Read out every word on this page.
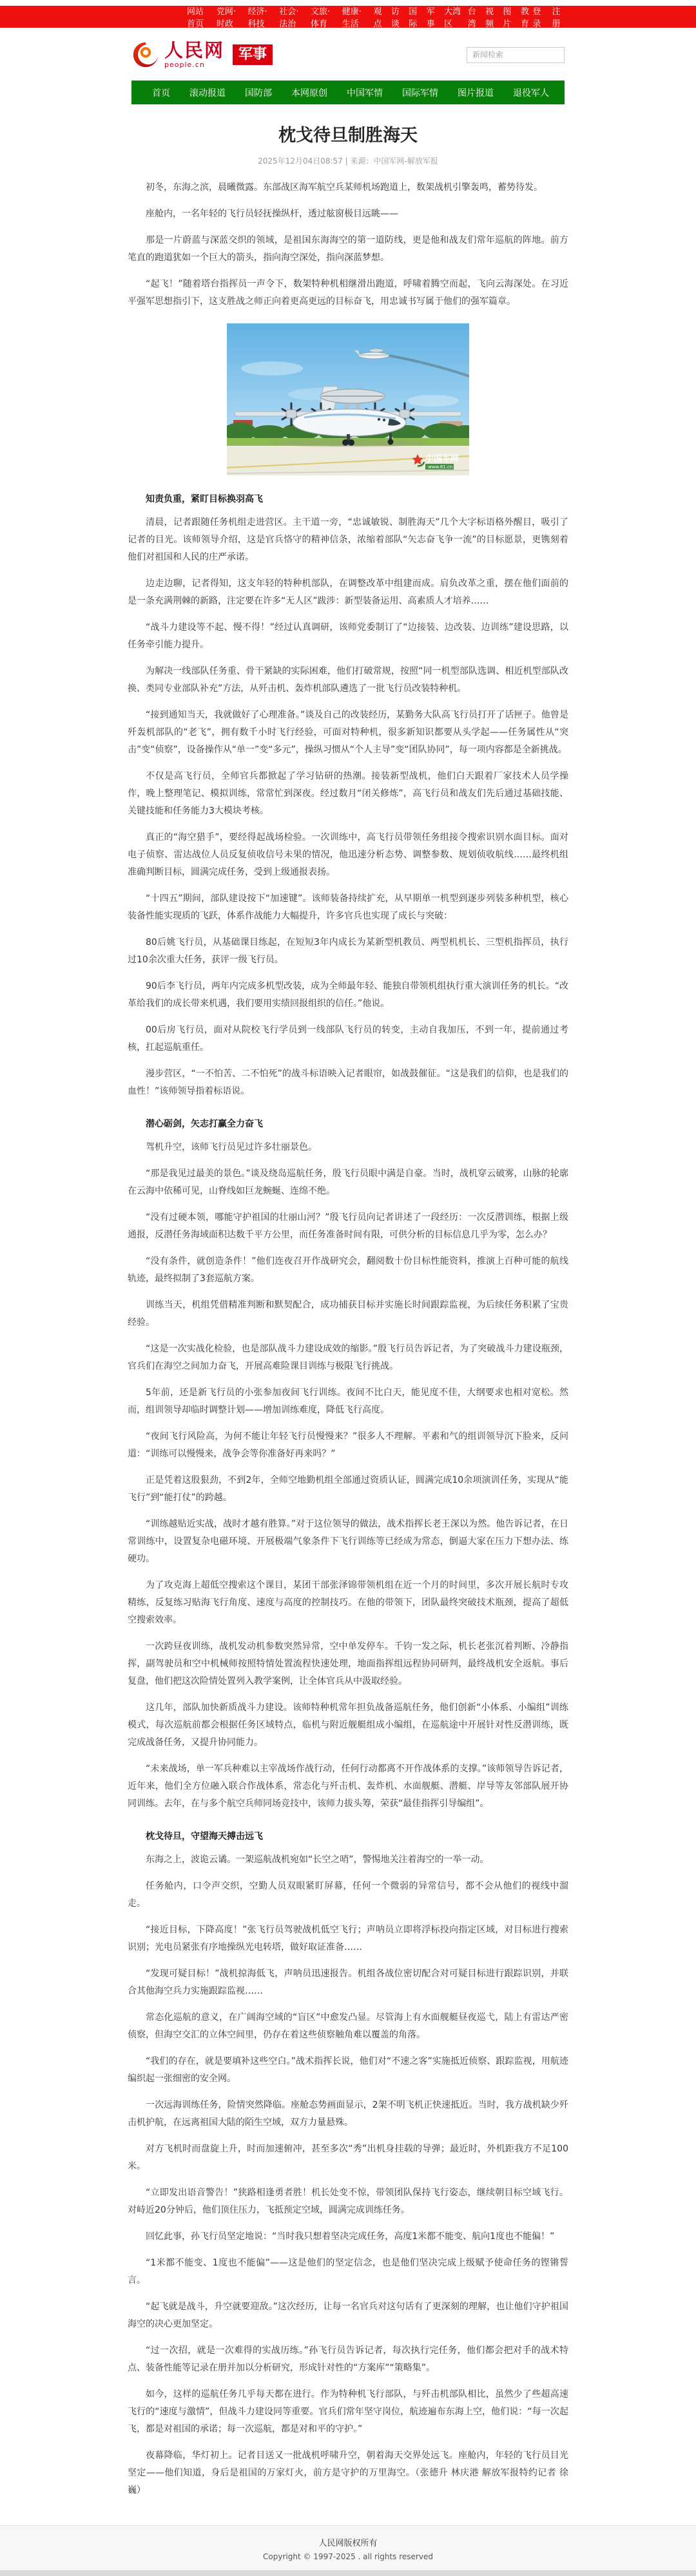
网站首页
党网·时政
经济·科技
社会·法治
文旅·体育
健康·生活
观点
访谈
国际
军事
大湾区
台湾
视频
图片
教育
登录
注册
人民网
people.cn
军事
新闻检索
首页 滚动报道 国防部 本网原创 中国军情 国际军情 图片报道 退役军人
枕戈待旦制胜海天

2025年12月04日08:57 | 来源：中国军网-解放军报

初冬，东海之滨，晨曦微露。东部战区海军航空兵某师机场跑道上，数架战机引擎轰鸣，蓄势待发。

座舱内，一名年轻的飞行员轻抚操纵杆，透过舷窗极目远眺——

那是一片蔚蓝与深蓝交织的领域，是祖国东海海空的第一道防线，更是他和战友们常年巡航的阵地。前方笔直的跑道犹如一个巨大的箭头，指向海空深处，指向深蓝梦想。

“起飞！”随着塔台指挥员一声令下，数架特种机相继滑出跑道，呼啸着腾空而起，飞向云海深处。在习近平强军思想指引下，这支胜战之师正向着更高更远的目标奋飞，用忠诚书写属于他们的强军篇章。

中国军网
www.81.cn
知责负重，紧盯目标换羽高飞

清晨，记者跟随任务机组走进营区。主干道一旁，“忠诚敏锐、制胜海天”几个大字标语格外醒目，吸引了记者的目光。该师领导介绍，这是官兵恪守的精神信条，浓缩着部队“矢志奋飞争一流”的目标愿景，更镌刻着他们对祖国和人民的庄严承诺。

边走边聊，记者得知，这支年轻的特种机部队，在调整改革中组建而成。肩负改革之重，摆在他们面前的是一条充满荆棘的新路，注定要在许多“无人区”跋涉：新型装备运用、高素质人才培养……

“战斗力建设等不起、慢不得！”经过认真调研，该师党委制订了“边接装、边改装、边训练”建设思路，以任务牵引能力提升。

为解决一线部队任务重、骨干紧缺的实际困难，他们打破常规，按照“同一机型部队选调、相近机型部队改换、类同专业部队补充”方法，从歼击机、轰炸机部队遴选了一批飞行员改装特种机。

“接到通知当天，我就做好了心理准备。”谈及自己的改装经历，某勤务大队高飞行员打开了话匣子。他曾是歼轰机部队的“老飞”，拥有数千小时飞行经验，可面对特种机，很多新知识都要从头学起——任务属性从“突击”变“侦察”，设备操作从“单一”变“多元”，操纵习惯从“个人主导”变“团队协同”，每一项内容都是全新挑战。

不仅是高飞行员，全师官兵都掀起了学习钻研的热潮。接装新型战机，他们白天跟着厂家技术人员学操作，晚上整理笔记、模拟训练，常常忙到深夜。经过数月“闭关修炼”，高飞行员和战友们先后通过基础技能、关键技能和任务能力3大模块考核。

真正的“海空猎手”，要经得起战场检验。一次训练中，高飞行员带领任务组接令搜索识别水面目标。面对电子侦察、雷达战位人员反复侦收信号未果的情况，他迅速分析态势、调整参数、规划侦收航线……最终机组准确判断目标，圆满完成任务，受到上级通报表扬。

“十四五”期间，部队建设按下“加速键”。该师装备持续扩充，从早期单一机型到逐步列装多种机型，核心装备性能实现质的飞跃，体系作战能力大幅提升，许多官兵也实现了成长与突破：

80后姚飞行员，从基础课目练起，在短短3年内成长为某新型机教员、两型机机长、三型机指挥员，执行过10余次重大任务，获评一级飞行员。

90后李飞行员，两年内完成多机型改装，成为全师最年轻、能独自带领机组执行重大演训任务的机长。“改革给我们的成长带来机遇，我们要用实绩回报组织的信任。”他说。

00后房飞行员，面对从院校飞行学员到一线部队飞行员的转变，主动自我加压，不到一年，提前通过考核，扛起巡航重任。

漫步营区，“一不怕苦、二不怕死”的战斗标语映入记者眼帘，如战鼓催征。“这是我们的信仰，也是我们的血性！”该师领导指着标语说。

潜心砺剑，矢志打赢全力奋飞

驾机升空，该师飞行员见过许多壮丽景色。

“那是我见过最美的景色。”谈及绕岛巡航任务，殷飞行员眼中满是自豪。当时，战机穿云破雾，山脉的轮廓在云海中依稀可见，山脊线如巨龙蜿蜒、连绵不绝。

“没有过硬本领，哪能守护祖国的壮丽山河？”殷飞行员向记者讲述了一段经历：一次反潜训练，根据上级通报，反潜任务海域面积达数千平方公里，而任务准备时间有限，可供分析的目标信息几乎为零，怎么办？

“没有条件，就创造条件！”他们连夜召开作战研究会，翻阅数十份目标性能资料，推演上百种可能的航线轨迹，最终拟制了3套巡航方案。

训练当天，机组凭借精准判断和默契配合，成功捕获目标并实施长时间跟踪监视，为后续任务积累了宝贵经验。

“这是一次实战化检验，也是部队战斗力建设成效的缩影。”殷飞行员告诉记者，为了突破战斗力建设瓶颈，官兵们在海空之间加力奋飞，开展高难险课目训练与极限飞行挑战。

5年前，还是新飞行员的小张参加夜间飞行训练。夜间不比白天，能见度不佳，大纲要求也相对宽松。然而，组训领导却临时调整计划——增加训练难度，降低飞行高度。

“夜间飞行风险高，为何不能让年轻飞行员慢慢来？”很多人不理解。平素和气的组训领导沉下脸来，反问道：“训练可以慢慢来，战争会等你准备好再来吗？”

正是凭着这股狠劲，不到2年，全师空地勤机组全部通过资质认证，圆满完成10余项演训任务，实现从“能飞行”到“能打仗”的跨越。

“训练越贴近实战，战时才越有胜算。”对于这位领导的做法，战术指挥长老王深以为然。他告诉记者，在日常训练中，设置复杂电磁环境、开展极端气象条件下飞行训练等已经成为常态，倒逼大家在压力下想办法、练硬功。

为了攻克海上超低空搜索这个课目，某团干部张泽锦带领机组在近一个月的时间里，多次开展长航时专攻精练，反复练习贴海飞行角度、速度与高度的控制技巧。在他的带领下，团队最终突破技术瓶颈，提高了超低空搜索效率。

一次跨昼夜训练，战机发动机参数突然异常，空中单发停车。千钧一发之际，机长老张沉着判断、冷静指挥，副驾驶员和空中机械师按照特情处置流程快速处理，地面指挥组远程协同研判，最终战机安全返航。事后复盘，他们把这次险情处置列入教学案例，让全体官兵从中汲取经验。

这几年，部队加快新质战斗力建设。该师特种机常年担负战备巡航任务，他们创新“小体系、小编组”训练模式，每次巡航前都会根据任务区域特点，临机与附近舰艇组成小编组，在巡航途中开展针对性反潜训练，既完成战备任务，又提升协同能力。

“未来战场，单一军兵种难以主宰战场作战行动，任何行动都离不开作战体系的支撑。”该师领导告诉记者，近年来，他们全方位融入联合作战体系，常态化与歼击机、轰炸机、水面舰艇、潜艇、岸导等友邻部队展开协同训练。去年，在与多个航空兵师同场竞技中，该师力拔头筹，荣获“最佳指挥引导编组”。

枕戈待旦，守望海天搏击远飞

东海之上，波诡云谲。一架巡航战机宛如“长空之哨”，警惕地关注着海空的一举一动。

任务舱内，口令声交织，空勤人员双眼紧盯屏幕，任何一个微弱的异常信号，都不会从他们的视线中溜走。

“接近目标，下降高度！”张飞行员驾驶战机低空飞行；声呐员立即将浮标投向指定区域，对目标进行搜索识别；光电员紧张有序地操纵光电转塔，做好取证准备……

“发现可疑目标！”战机掠海低飞，声呐员迅速报告。机组各战位密切配合对可疑目标进行跟踪识别，并联合其他海空兵力实施跟踪监视……

常态化巡航的意义，在广阔海空域的“盲区”中愈发凸显。尽管海上有水面舰艇昼夜巡弋，陆上有雷达严密侦察，但海空交汇的立体空间里，仍存在着这些侦察触角难以覆盖的角落。

“我们的存在，就是要填补这些空白。”战术指挥长说，他们对“不速之客”实施抵近侦察、跟踪监视，用航迹编织起一张细密的安全网。

一次远海训练任务，险情突然降临。座舱态势画面显示，2架不明飞机正快速抵近。当时，我方战机缺少歼击机护航，在远离祖国大陆的陌生空域，双方力量悬殊。

对方飞机时而盘旋上升，时而加速俯冲，甚至多次“秀”出机身挂载的导弹；最近时，外机距我方不足100米。

“立即发出语音警告！”狭路相逢勇者胜！机长处变不惊，带领团队保持飞行姿态，继续朝目标空域飞行。对峙近20分钟后，他们顶住压力，飞抵预定空域，圆满完成训练任务。

回忆此事，孙飞行员坚定地说：“当时我只想着坚决完成任务，高度1米都不能变、航向1度也不能偏！”

“1米都不能变、1度也不能偏”——这是他们的坚定信念，也是他们坚决完成上级赋予使命任务的铿锵誓言。

“起飞就是战斗，升空就要迎敌。”这次经历，让每一名官兵对这句话有了更深刻的理解，也让他们守护祖国海空的决心更加坚定。

“过一次招，就是一次难得的实战历练。”孙飞行员告诉记者，每次执行完任务，他们都会把对手的战术特点、装备性能等记录在册并加以分析研究，形成针对性的“方案库”“策略集”。

如今，这样的巡航任务几乎每天都在进行。作为特种机飞行部队，与歼击机部队相比，虽然少了些超高速飞行的“速度与激情”，但战斗力建设同等重要。官兵们常年坚守岗位，航迹遍布东海上空，他们说：“每一次起飞，都是对祖国的承诺；每一次巡航，都是对和平的守护。”

夜幕降临，华灯初上。记者目送又一批战机呼啸升空，朝着海天交界处远飞。座舱内，年轻的飞行员目光坚定——他们知道，身后是祖国的万家灯火，前方是守护的万里海空。（张德升 林庆港 解放军报特约记者 徐 巍）

人民网版权所有

Copyright © 1997-2025 . all rights reserved
